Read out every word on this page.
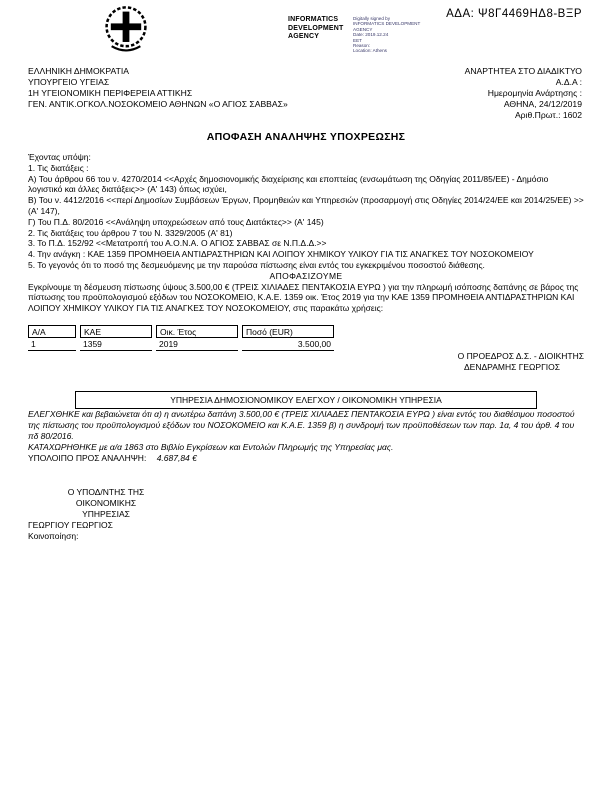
ΑΔΑ: Ψ8Γ4469ΗΔ8-ΒΞΡ
INFORMATICS DEVELOPMENT AGENCY
Digitally signed by
INFORMATICS DEVELOPMENT AGENCY
Date: 2019.12.24
EET
Reason:
Location: Athens
ΕΛΛΗΝΙΚΗ ΔΗΜΟΚΡΑΤΙΑ
ΥΠΟΥΡΓΕΙΟ ΥΓΕΙΑΣ
1Η ΥΓΕΙΟΝΟΜΙΚΗ ΠΕΡΙΦΕΡΕΙΑ ΑΤΤΙΚΗΣ
ΓΕΝ. ΑΝΤΙΚ.ΟΓΚΟΛ.ΝΟΣΟΚΟΜΕΙΟ ΑΘΗΝΩΝ «Ο ΑΓΙΟΣ ΣΑΒΒΑΣ»
ΑΝΑΡΤΗΤΕΑ ΣΤΟ ΔΙΑΔΙΚΤΥΟ
Α.Δ.Α :
Ημερομηνία Ανάρτησης :
ΑΘΗΝΑ, 24/12/2019
Αριθ.Πρωτ.: 1602
ΑΠΟΦΑΣΗ ΑΝΑΛΗΨΗΣ ΥΠΟΧΡΕΩΣΗΣ

Έχοντας υπόψη:

1. Τις διατάξεις :

Α) Του άρθρου 66 του ν. 4270/2014 <<Αρχές δημοσιονομικής διαχείρισης και εποπτείας (ενσωμάτωση της Οδηγίας 2011/85/ΕΕ) - Δημόσιο λογιστικό και άλλες διατάξεις>> (Α' 143) όπως ισχύει,

Β) Του ν. 4412/2016 <<περί Δημοσίων Συμβάσεων Έργων, Προμηθειών και Υπηρεσιών (προσαρμογή στις Οδηγίες 2014/24/ΕΕ και 2014/25/ΕΕ) >> (Α' 147),

Γ) Του Π.Δ. 80/2016 <<Ανάληψη υποχρεώσεων από τους Διατάκτες>> (Α' 145)

2. Τις διατάξεις του άρθρου 7 του Ν. 3329/2005 (Α' 81)

3. Το Π.Δ. 152/92 <<Μετατροπή του Α.Ο.Ν.Α. Ο ΑΓΙΟΣ ΣΑΒΒΑΣ σε Ν.Π.Δ.Δ.>>

4. Την ανάγκη : ΚΑΕ 1359 ΠΡΟΜΗΘΕΙΑ ΑΝΤΙΔΡΑΣΤΗΡΙΩΝ ΚΑΙ ΛΟΙΠΟΥ ΧΗΜΙΚΟΥ ΥΛΙΚΟΥ ΓΙΑ ΤΙΣ ΑΝΑΓΚΕΣ ΤΟΥ ΝΟΣΟΚΟΜΕΙΟΥ

5. Το γεγονός ότι το ποσό της δεσμευόμενης με την παρούσα πίστωσης είναι εντός του εγκεκριμένου ποσοστού διάθεσης.

ΑΠΟΦΑΣΙΖΟΥΜΕ

Εγκρίνουμε τη δέσμευση πίστωσης ύψους 3.500,00 € (ΤΡΕΙΣ ΧΙΛΙΑΔΕΣ ΠΕΝΤΑΚΟΣΙΑ ΕΥΡΩ ) για την πληρωμή ισόποσης δαπάνης σε βάρος της πίστωσης του προϋπολογισμού εξόδων του ΝΟΣΟΚΟΜΕΙΟ, Κ.Α.Ε. 1359 οικ. Έτος 2019 για την ΚΑΕ 1359 ΠΡΟΜΗΘΕΙΑ ΑΝΤΙΔΡΑΣΤΗΡΙΩΝ ΚΑΙ ΛΟΙΠΟΥ ΧΗΜΙΚΟΥ ΥΛΙΚΟΥ ΓΙΑ ΤΙΣ ΑΝΑΓΚΕΣ ΤΟΥ ΝΟΣΟΚΟΜΕΙΟΥ, στις παρακάτω χρήσεις:

A/A	ΚΑΕ	Οικ. Έτος	Ποσό (EUR)
1	1359	2019	3.500,00

Ο ΠΡΟΕΔΡΟΣ Δ.Σ. - ΔΙΟΙΚΗΤΗΣ

ΔΕΝΔΡΑΜΗΣ ΓΕΩΡΓΙΟΣ

ΥΠΗΡΕΣΙΑ ΔΗΜΟΣΙΟΝΟΜΙΚΟΥ ΕΛΕΓΧΟΥ / ΟΙΚΟΝΟΜΙΚΗ ΥΠΗΡΕΣΙΑ

ΕΛΕΓΧΘΗΚΕ και βεβαιώνεται ότι α) η ανωτέρω δαπάνη 3.500,00 € (ΤΡΕΙΣ ΧΙΛΙΑΔΕΣ ΠΕΝΤΑΚΟΣΙΑ ΕΥΡΩ ) είναι εντός του διαθέσιμου ποσοστού της πίστωσης του προϋπολογισμού εξόδων του ΝΟΣΟΚΟΜΕΙΟ και Κ.Α.Ε. 1359 β) η συνδρομή των προϋποθέσεων των παρ. 1α, 4 του άρθ. 4 του πδ 80/2016.

ΚΑΤΑΧΩΡΗΘΗΚΕ με α/α 1863 στο Βιβλίο Εγκρίσεων και Εντολών Πληρωμής της Υπηρεσίας μας.

ΥΠΟΛΟΙΠΟ ΠΡΟΣ ΑΝΑΛΗΨΗ: 4.687,84 €

Ο ΥΠΟΔ/ΝΤΗΣ ΤΗΣ ΟΙΚΟΝΟΜΙΚΗΣ
ΥΠΗΡΕΣΙΑΣ

ΓΕΩΡΓΙΟΥ ΓΕΩΡΓΙΟΣ

Κοινοποίηση:
